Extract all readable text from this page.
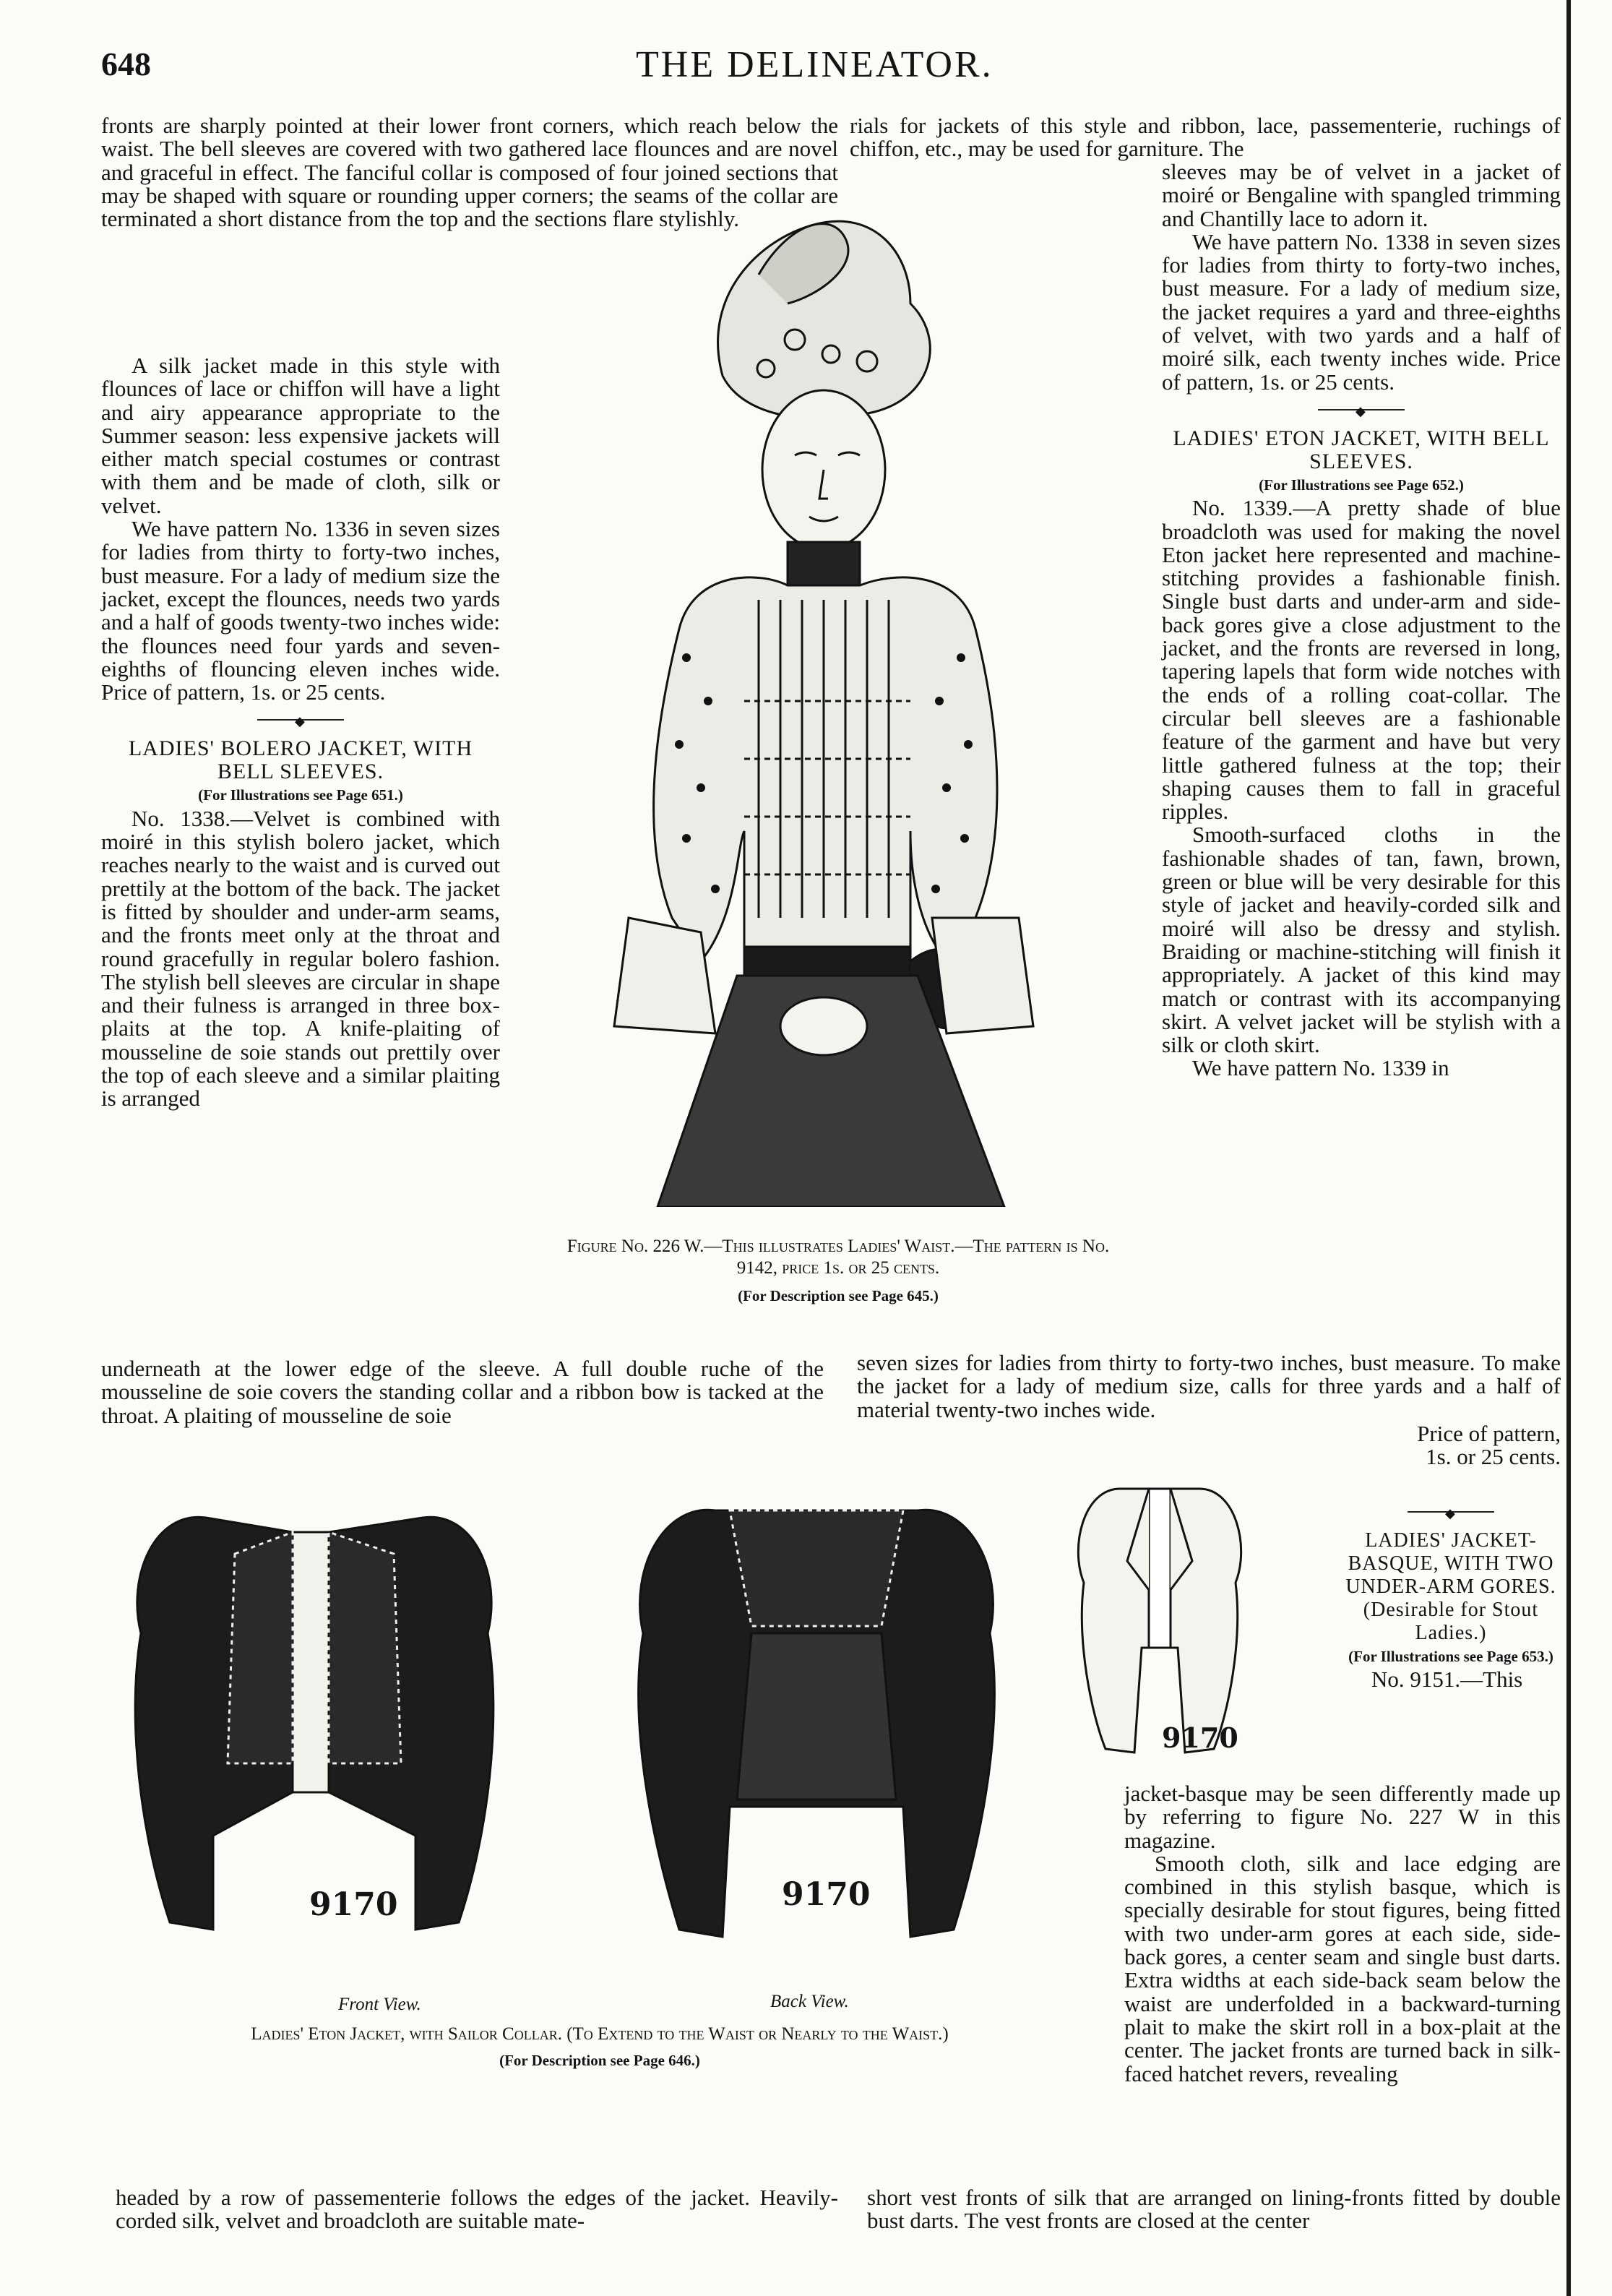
648	THE DELINEATOR.

fronts are sharply pointed at their lower front corners, which reach below the waist. The bell sleeves are covered with two gathered lace flounces and are novel and graceful in effect. The fanciful collar is composed of four joined sections that may be shaped with square or rounding upper corners; the seams of the collar are terminated a short distance from the top and the sections flare stylishly.

A silk jacket made in this style with flounces of lace or chiffon will have a light and airy appearance appropriate to the Summer season: less expensive jackets will either match special costumes or contrast with them and be made of cloth, silk or velvet.

We have pattern No. 1336 in seven sizes for ladies from thirty to forty-two inches, bust measure. For a lady of medium size the jacket, except the flounces, needs two yards and a half of goods twenty-two inches wide: the flounces need four yards and seven-eighths of flouncing eleven inches wide. Price of pattern, 1s. or 25 cents.

◆

LADIES' BOLERO JACKET, WITH BELL SLEEVES.

(For Illustrations see Page 651.)

No. 1338.—Velvet is combined with moiré in this stylish bolero jacket, which reaches nearly to the waist and is curved out prettily at the bottom of the back. The jacket is fitted by shoulder and under-arm seams, and the fronts meet only at the throat and round gracefully in regular bolero fashion. The stylish bell sleeves are circular in shape and their fulness is arranged in three box-plaits at the top. A knife-plaiting of mousseline de soie stands out prettily over the top of each sleeve and a similar plaiting is arranged

underneath at the lower edge of the sleeve. A full double ruche of the mousseline de soie covers the standing collar and a ribbon bow is tacked at the throat. A plaiting of mousseline de soie
rials for jackets of this style and ribbon, lace, passementerie, ruchings of chiffon, etc., may be used for garniture. The

sleeves may be of velvet in a jacket of moiré or Bengaline with spangled trimming and Chantilly lace to adorn it.

We have pattern No. 1338 in seven sizes for ladies from thirty to forty-two inches, bust measure. For a lady of medium size, the jacket requires a yard and three-eighths of velvet, with two yards and a half of moiré silk, each twenty inches wide. Price of pattern, 1s. or 25 cents.

◆

LADIES' ETON JACKET, WITH BELL SLEEVES.

(For Illustrations see Page 652.)

No. 1339.—A pretty shade of blue broadcloth was used for making the novel Eton jacket here represented and machine-stitching provides a fashionable finish. Single bust darts and under-arm and side-back gores give a close adjustment to the jacket, and the fronts are reversed in long, tapering lapels that form wide notches with the ends of a rolling coat-collar. The circular bell sleeves are a fashionable feature of the garment and have but very little gathered fulness at the top; their shaping causes them to fall in graceful ripples.

Smooth-surfaced cloths in the fashionable shades of tan, fawn, brown, green or blue will be very desirable for this style of jacket and heavily-corded silk and moiré will also be dressy and stylish. Braiding or machine-stitching will finish it appropriately. A jacket of this kind may match or contrast with its accompanying skirt. A velvet jacket will be stylish with a silk or cloth skirt.

We have pattern No. 1339 in

seven sizes for ladies from thirty to forty-two inches, bust measure. To make the jacket for a lady of medium size, calls for three yards and a half of material twenty-two inches wide.
Price of pattern,
1s. or 25 cents.
Figure No. 226 W.—This illustrates Ladies' Waist.—The pattern is No. 9142, price 1s. or 25 cents.
(For Description see Page 645.)
9170
Front View.
9170
Back View.
Ladies' Eton Jacket, with Sailor Collar. (To Extend to the Waist or Nearly to the Waist.)
(For Description see Page 646.)
9170
◆

LADIES' JACKET-BASQUE, WITH TWO UNDER-ARM GORES. (Desirable for Stout Ladies.)

(For Illustrations see Page 653.)

No. 9151.—This

jacket-basque may be seen differently made up by referring to figure No. 227 W in this magazine.

Smooth cloth, silk and lace edging are combined in this stylish basque, which is specially desirable for stout figures, being fitted with two under-arm gores at each side, side-back gores, a center seam and single bust darts. Extra widths at each side-back seam below the waist are underfolded in a backward-turning plait to make the skirt roll in a box-plait at the center. The jacket fronts are turned back in silk-faced hatchet revers, revealing

headed by a row of passementerie follows the edges of the jacket. Heavily-corded silk, velvet and broadcloth are suitable mate-
short vest fronts of silk that are arranged on lining-fronts fitted by double bust darts. The vest fronts are closed at the center
